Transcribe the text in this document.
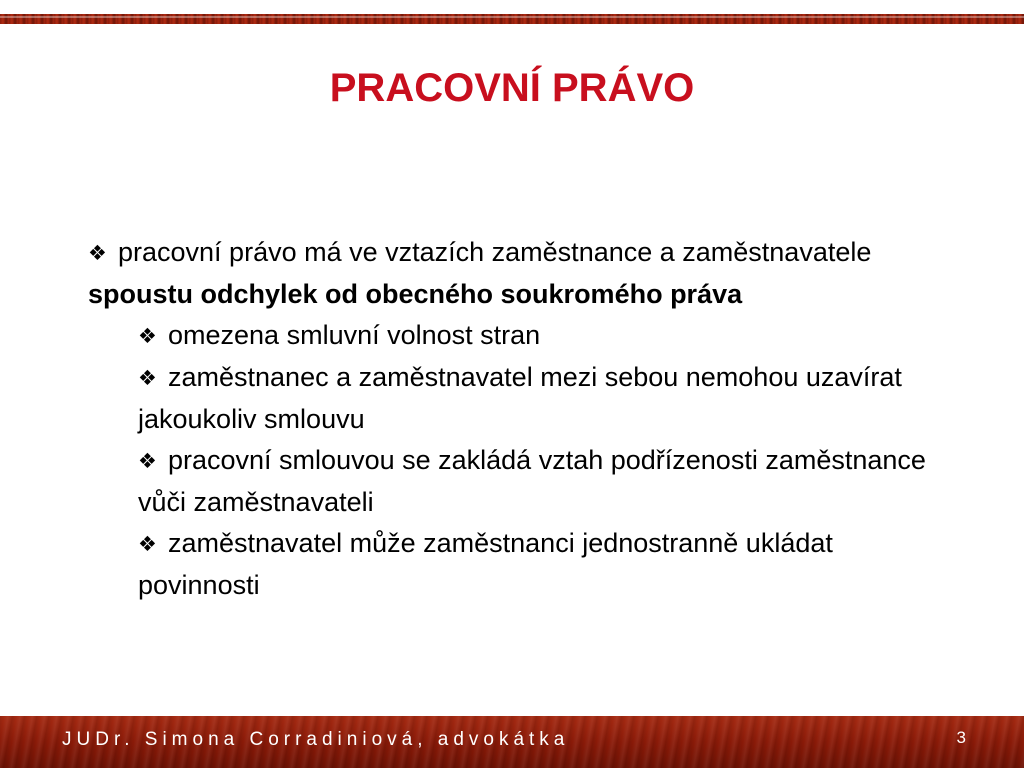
PRACOVNÍ PRÁVO

❖ pracovní právo má ve vztazích zaměstnance a zaměstnavatele spoustu odchylek od obecného soukromého práva

❖ omezena smluvní volnost stran

❖ zaměstnanec a zaměstnavatel mezi sebou nemohou uzavírat jakoukoliv smlouvu

❖ pracovní smlouvou se zakládá vztah podřízenosti zaměstnance vůči zaměstnavateli

❖ zaměstnavatel může zaměstnanci jednostranně ukládat povinnosti

JUDr. Simona Corradiniová, advokátka	3
